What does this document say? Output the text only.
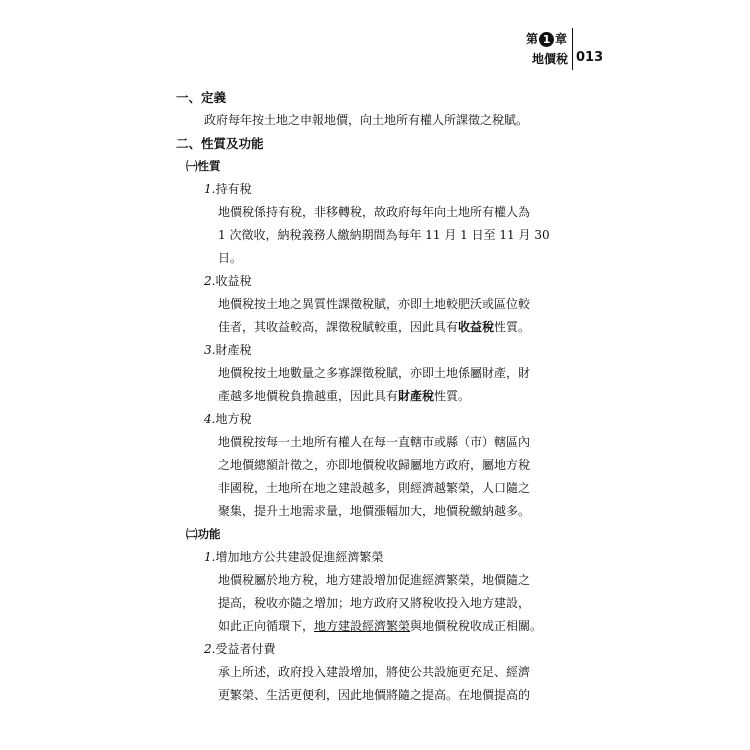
第 1 章
地價稅 013
一、定義
政府每年按土地之申報地價，向土地所有權人所課徵之稅賦。
二、性質及功能
㈠性質
1.持有稅
地價稅係持有稅，非移轉稅，故政府每年向土地所有權人為
1 次徵收，納稅義務人繳納期間為每年 11 月 1 日至 11 月 30
日。
2.收益稅
地價稅按土地之異質性課徵稅賦，亦即土地較肥沃或區位較
佳者，其收益較高，課徵稅賦較重，因此具有收益稅性質。
3.財產稅
地價稅按土地數量之多寡課徵稅賦，亦即土地係屬財產，財
產越多地價稅負擔越重，因此具有財產稅性質。
4.地方稅
地價稅按每一土地所有權人在每一直轄市或縣（市）轄區內
之地價總額計徵之，亦即地價稅收歸屬地方政府，屬地方稅
非國稅，土地所在地之建設越多，則經濟越繁榮，人口隨之
聚集，提升土地需求量，地價漲幅加大，地價稅繳納越多。
㈡功能
1.增加地方公共建設促進經濟繁榮
地價稅屬於地方稅，地方建設增加促進經濟繁榮，地價隨之
提高，稅收亦隨之增加；地方政府又將稅收投入地方建設，
如此正向循環下，地方建設經濟繁榮與地價稅稅收成正相關。
2.受益者付費
承上所述，政府投入建設增加，將使公共設施更充足、經濟
更繁榮、生活更便利，因此地價將隨之提高。在地價提高的
